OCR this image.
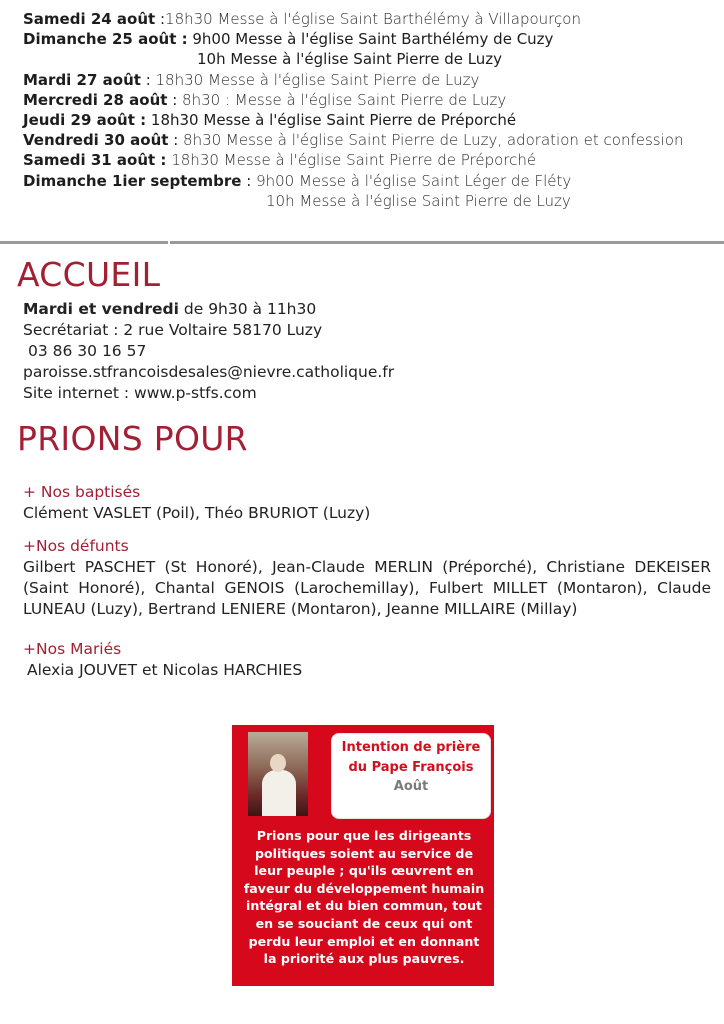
Samedi 24 août :18h30 Messe à l'église Saint Barthélémy à Villapourçon
Dimanche 25 août : 9h00 Messe à l'église Saint Barthélémy de Cuzy
10h Messe à l'église Saint Pierre de Luzy
Mardi 27 août : 18h30 Messe à l'église Saint Pierre de Luzy
Mercredi 28 août : 8h30 : Messe à l'église Saint Pierre de Luzy
Jeudi 29 août : 18h30 Messe à l'église Saint Pierre de Préporché
Vendredi 30 août : 8h30 Messe à l'église Saint Pierre de Luzy, adoration et confession
Samedi 31 août : 18h30 Messe à l'église Saint Pierre de Préporché
Dimanche 1ier septembre : 9h00 Messe à l'église Saint Léger de Fléty
10h Messe à l'église Saint Pierre de Luzy
ACCUEIL
Mardi et vendredi de 9h30 à 11h30
Secrétariat : 2 rue Voltaire 58170 Luzy
03 86 30 16 57
paroisse.stfrancoisdesales@nievre.catholique.fr
Site internet : www.p-stfs.com
PRIONS POUR
+ Nos baptisés
Clément VASLET (Poil), Théo BRURIOT (Luzy)
+Nos défunts
Gilbert PASCHET (St Honoré), Jean-Claude MERLIN (Préporché), Christiane DEKEISER (Saint Honoré), Chantal GENOIS (Larochemillay), Fulbert MILLET (Montaron), Claude LUNEAU (Luzy), Bertrand LENIERE (Montaron), Jeanne MILLAIRE (Millay)
+Nos Mariés
Alexia JOUVET et Nicolas HARCHIES
Intention de prière
du Pape François
Août
Prions pour que les dirigeants politiques soient au service de leur peuple ; qu'ils œuvrent en faveur du développement humain intégral et du bien commun, tout en se souciant de ceux qui ont perdu leur emploi et en donnant la priorité aux plus pauvres.
